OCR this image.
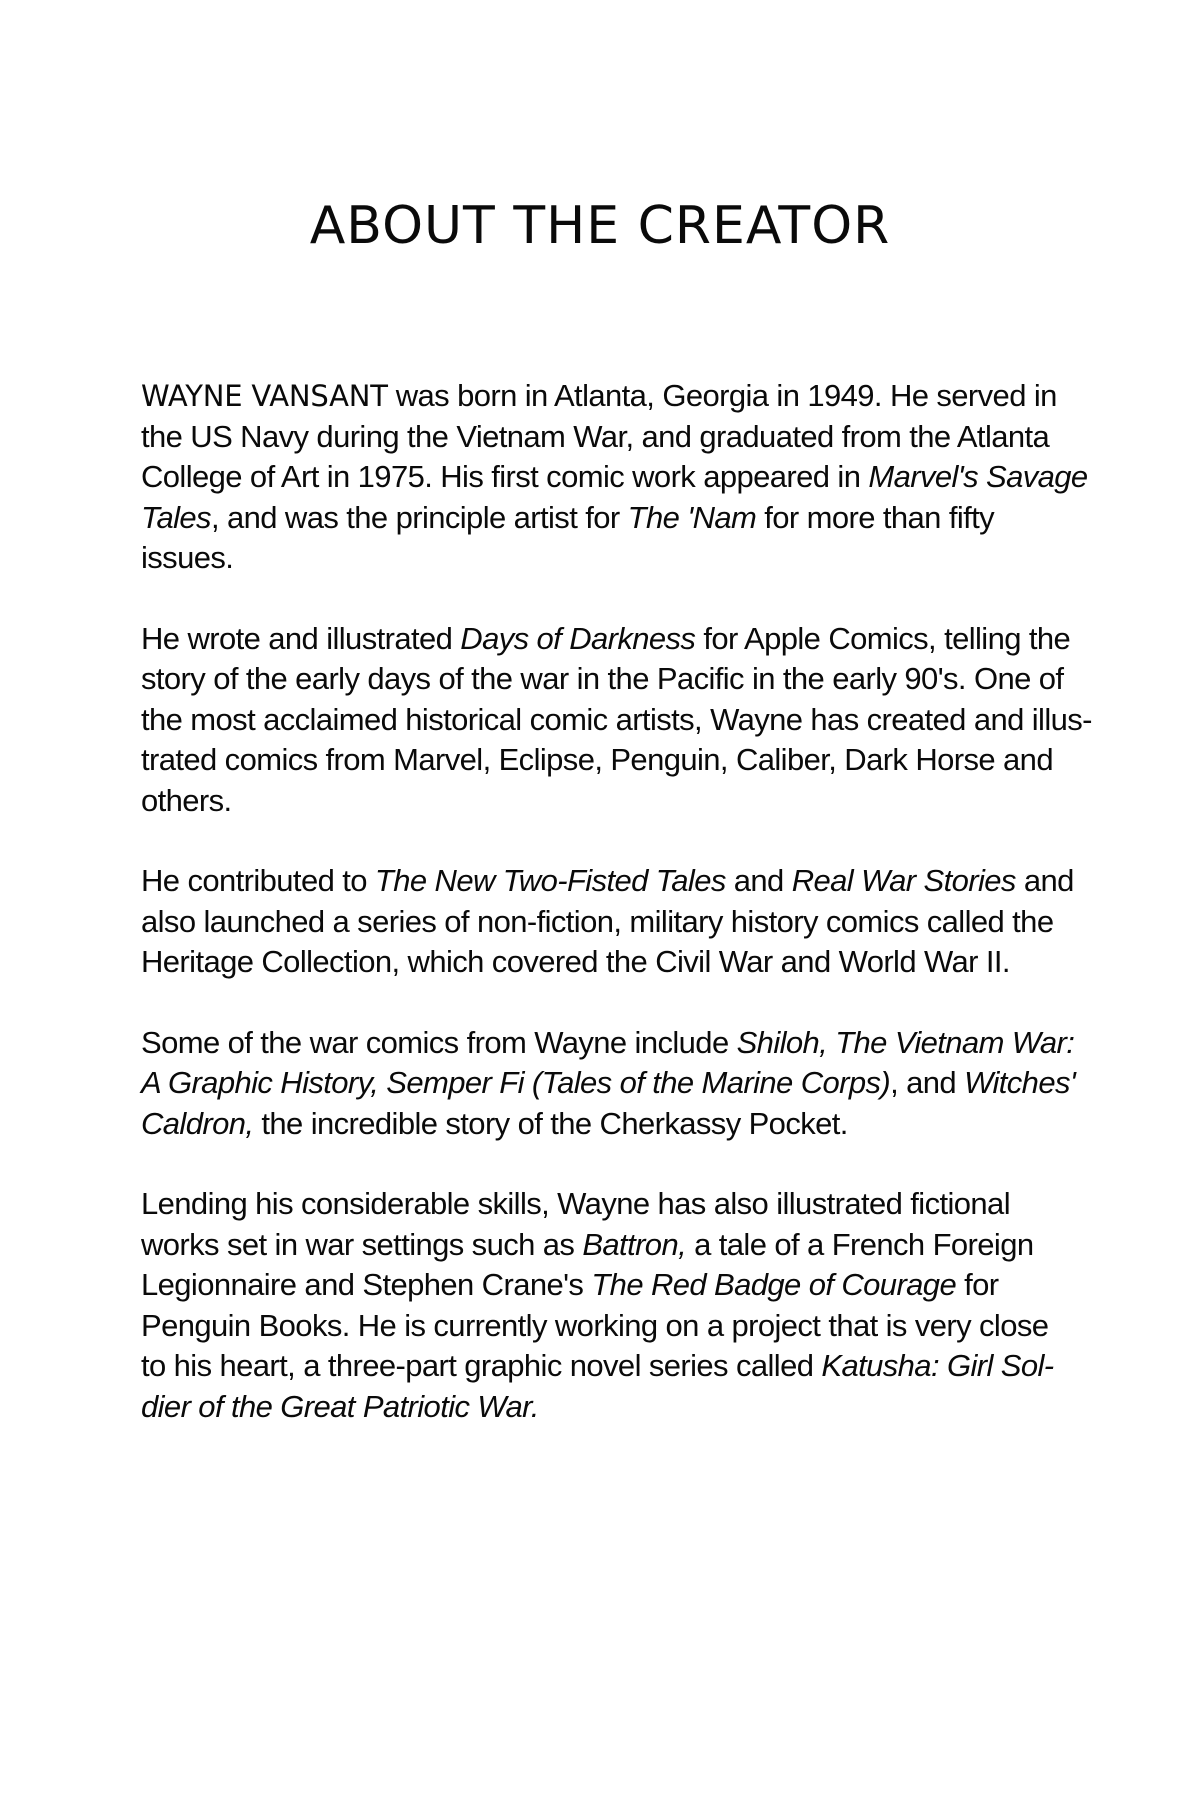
ABOUT THE CREATOR

WAYNE VANSANT was born in Atlanta, Georgia in 1949. He served in
the US Navy during the Vietnam War, and graduated from the Atlanta
College of Art in 1975. His first comic work appeared in Marvel's Savage
Tales, and was the principle artist for The 'Nam for more than fifty
issues.

He wrote and illustrated Days of Darkness for Apple Comics, telling the
story of the early days of the war in the Pacific in the early 90's. One of
the most acclaimed historical comic artists, Wayne has created and illus-
trated comics from Marvel, Eclipse, Penguin, Caliber, Dark Horse and
others.

He contributed to The New Two-Fisted Tales and Real War Stories and
also launched a series of non-fiction, military history comics called the
Heritage Collection, which covered the Civil War and World War II.

Some of the war comics from Wayne include Shiloh, The Vietnam War:
A Graphic History, Semper Fi (Tales of the Marine Corps), and Witches'
Caldron, the incredible story of the Cherkassy Pocket.

Lending his considerable skills, Wayne has also illustrated fictional
works set in war settings such as Battron, a tale of a French Foreign
Legionnaire and Stephen Crane's The Red Badge of Courage for
Penguin Books. He is currently working on a project that is very close
to his heart, a three-part graphic novel series called Katusha: Girl Sol-
dier of the Great Patriotic War.
